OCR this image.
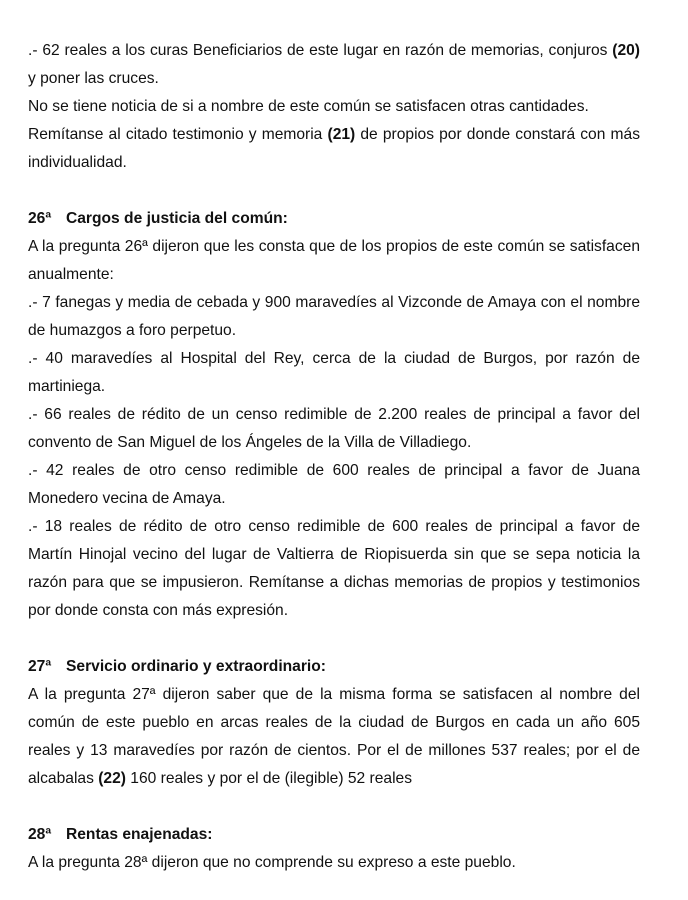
.- 62 reales a los curas Beneficiarios de este lugar en razón de memorias, conjuros (20) y poner las cruces.

No se tiene noticia de si a nombre de este común se satisfacen otras cantidades.

Remítanse al citado testimonio y memoria (21) de propios por donde constará con más individualidad.

26ª Cargos de justicia del común:

A la pregunta 26ª dijeron que les consta que de los propios de este común se satisfacen anualmente:

.- 7 fanegas y media de cebada y 900 maravedíes al Vizconde de Amaya con el nombre de humazgos a foro perpetuo.

.- 40 maravedíes al Hospital del Rey, cerca de la ciudad de Burgos, por razón de martiniega.

.- 66 reales de rédito de un censo redimible de 2.200 reales de principal a favor del convento de San Miguel de los Ángeles de la Villa de Villadiego.

.- 42 reales de otro censo redimible de 600 reales de principal a favor de Juana Monedero vecina de Amaya.

.- 18 reales de rédito de otro censo redimible de 600 reales de principal a favor de Martín Hinojal vecino del lugar de Valtierra de Riopisuerda sin que se sepa noticia la razón para que se impusieron. Remítanse a dichas memorias de propios y testimonios por donde consta con más expresión.

27ª Servicio ordinario y extraordinario:

A la pregunta 27ª dijeron saber que de la misma forma se satisfacen al nombre del común de este pueblo en arcas reales de la ciudad de Burgos en cada un año 605 reales y 13 maravedíes por razón de cientos. Por el de millones 537 reales; por el de alcabalas (22) 160 reales y por el de (ilegible) 52 reales

28ª Rentas enajenadas:

A la pregunta 28ª dijeron que no comprende su expreso a este pueblo.
